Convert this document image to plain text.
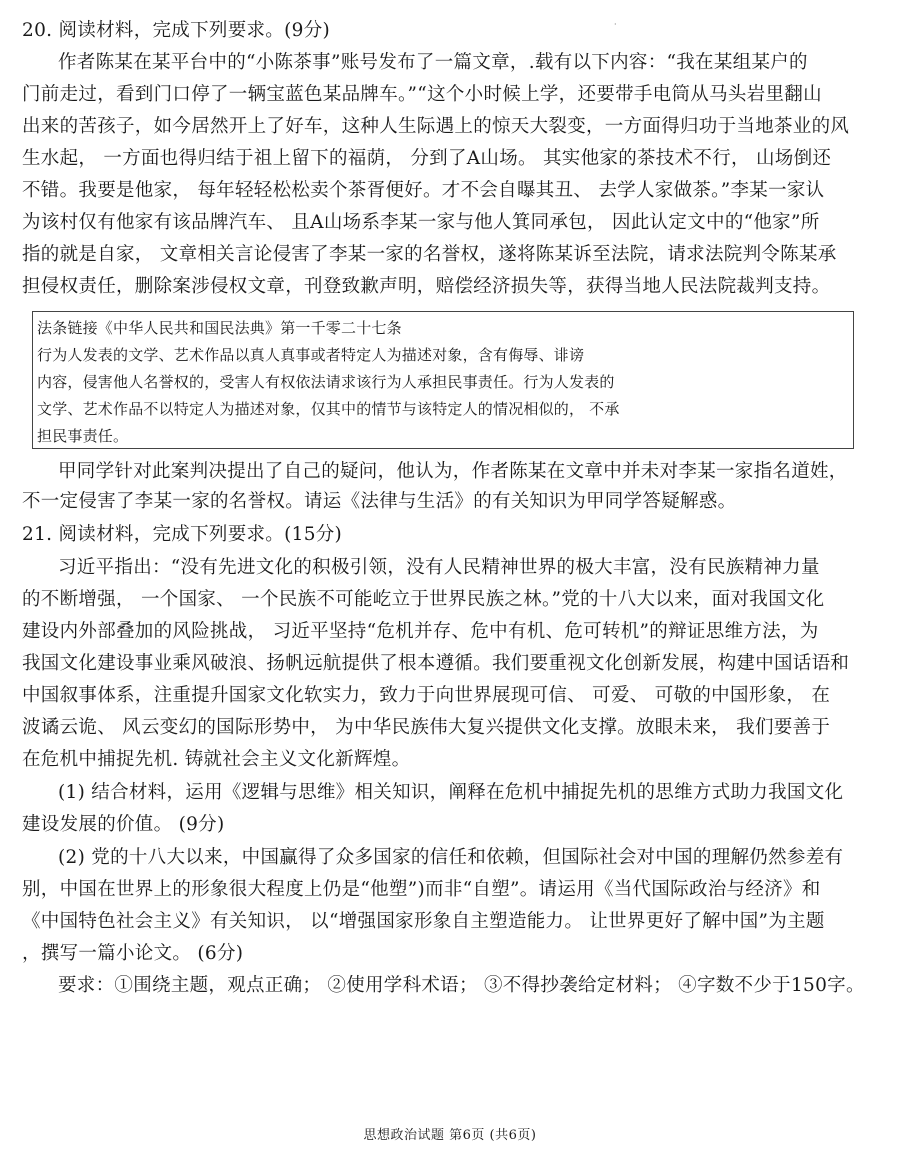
·
20. 阅读材料，完成下列要求。(9分)
作者陈某在某平台中的“小陈茶事”账号发布了一篇文章，.载有以下内容：“我在某组某户的
门前走过，看到门口停了一辆宝蓝色某品牌车。”“这个小时候上学，还要带手电筒从马头岩里翻山
出来的苦孩子，如今居然开上了好车，这种人生际遇上的惊天大裂变，一方面得归功于当地茶业的风
生水起， 一方面也得归结于祖上留下的福荫， 分到了A山场。 其实他家的茶技术不行， 山场倒还
不错。我要是他家， 每年轻轻松松卖个茶胥便好。才不会自曝其丑、 去学人家做茶。”李某一家认
为该村仅有他家有该品牌汽车、 且A山场系李某一家与他人箕同承包， 因此认定文中的“他家”所
指的就是自家， 文章相关言论侵害了李某一家的名誉权，遂将陈某诉至法院，请求法院判令陈某承
担侵权责任，删除案涉侵权文章，刊登致歉声明，赔偿经济损失等，获得当地人民法院裁判支持。
法条链接《中华人民共和国民法典》第一千零二十七条
行为人发表的文学、艺术作品以真人真事或者特定人为描述对象，含有侮辱、诽谤
内容，侵害他人名誉权的，受害人有权依法请求该行为人承担民事责任。行为人发表的
文学、艺术作品不以特定人为描述对象，仅其中的情节与该特定人的情况相似的， 不承
担民事责任。
甲同学针对此案判决提出了自己的疑问，他认为，作者陈某在文章中并未对李某一家指名道姓，
不一定侵害了李某一家的名誉权。请运《法律与生活》的有关知识为甲同学答疑解惑。
21. 阅读材料，完成下列要求。(15分)
习近平指出：“没有先进文化的积极引领，没有人民精神世界的极大丰富，没有民族精神力量
的不断增强， 一个国家、 一个民族不可能屹立于世界民族之林。”党的十八大以来，面对我国文化
建设内外部叠加的风险挑战， 习近平坚持“危机并存、危中有机、危可转机”的辩证思维方法，为
我国文化建设事业乘风破浪、扬帆远航提供了根本遵循。我们要重视文化创新发展，构建中国话语和
中国叙事体系，注重提升国家文化软实力，致力于向世界展现可信、 可爱、 可敬的中国形象， 在
波谲云诡、 风云变幻的国际形势中， 为中华民族伟大复兴提供文化支撑。放眼未来， 我们要善于
在危机中捕捉先机. 铸就社会主义文化新辉煌。
(1) 结合材料，运用《逻辑与思维》相关知识，阐释在危机中捕捉先机的思维方式助力我国文化
建设发展的价值。 (9分)
(2) 党的十八大以来，中国赢得了众多国家的信任和依赖，但国际社会对中国的理解仍然参差有
别，中国在世界上的形象很大程度上仍是“他塑”)而非“自塑”。请运用《当代国际政治与经济》和
《中国特色社会主义》有关知识， 以“增强国家形象自主塑造能力。 让世界更好了解中国”为主题
，撰写一篇小论文。 (6分)
要求：①围绕主题，观点正确； ②使用学科术语； ③不得抄袭给定材料； ④字数不少于150字。
思想政治试题 第6页 (共6页)
